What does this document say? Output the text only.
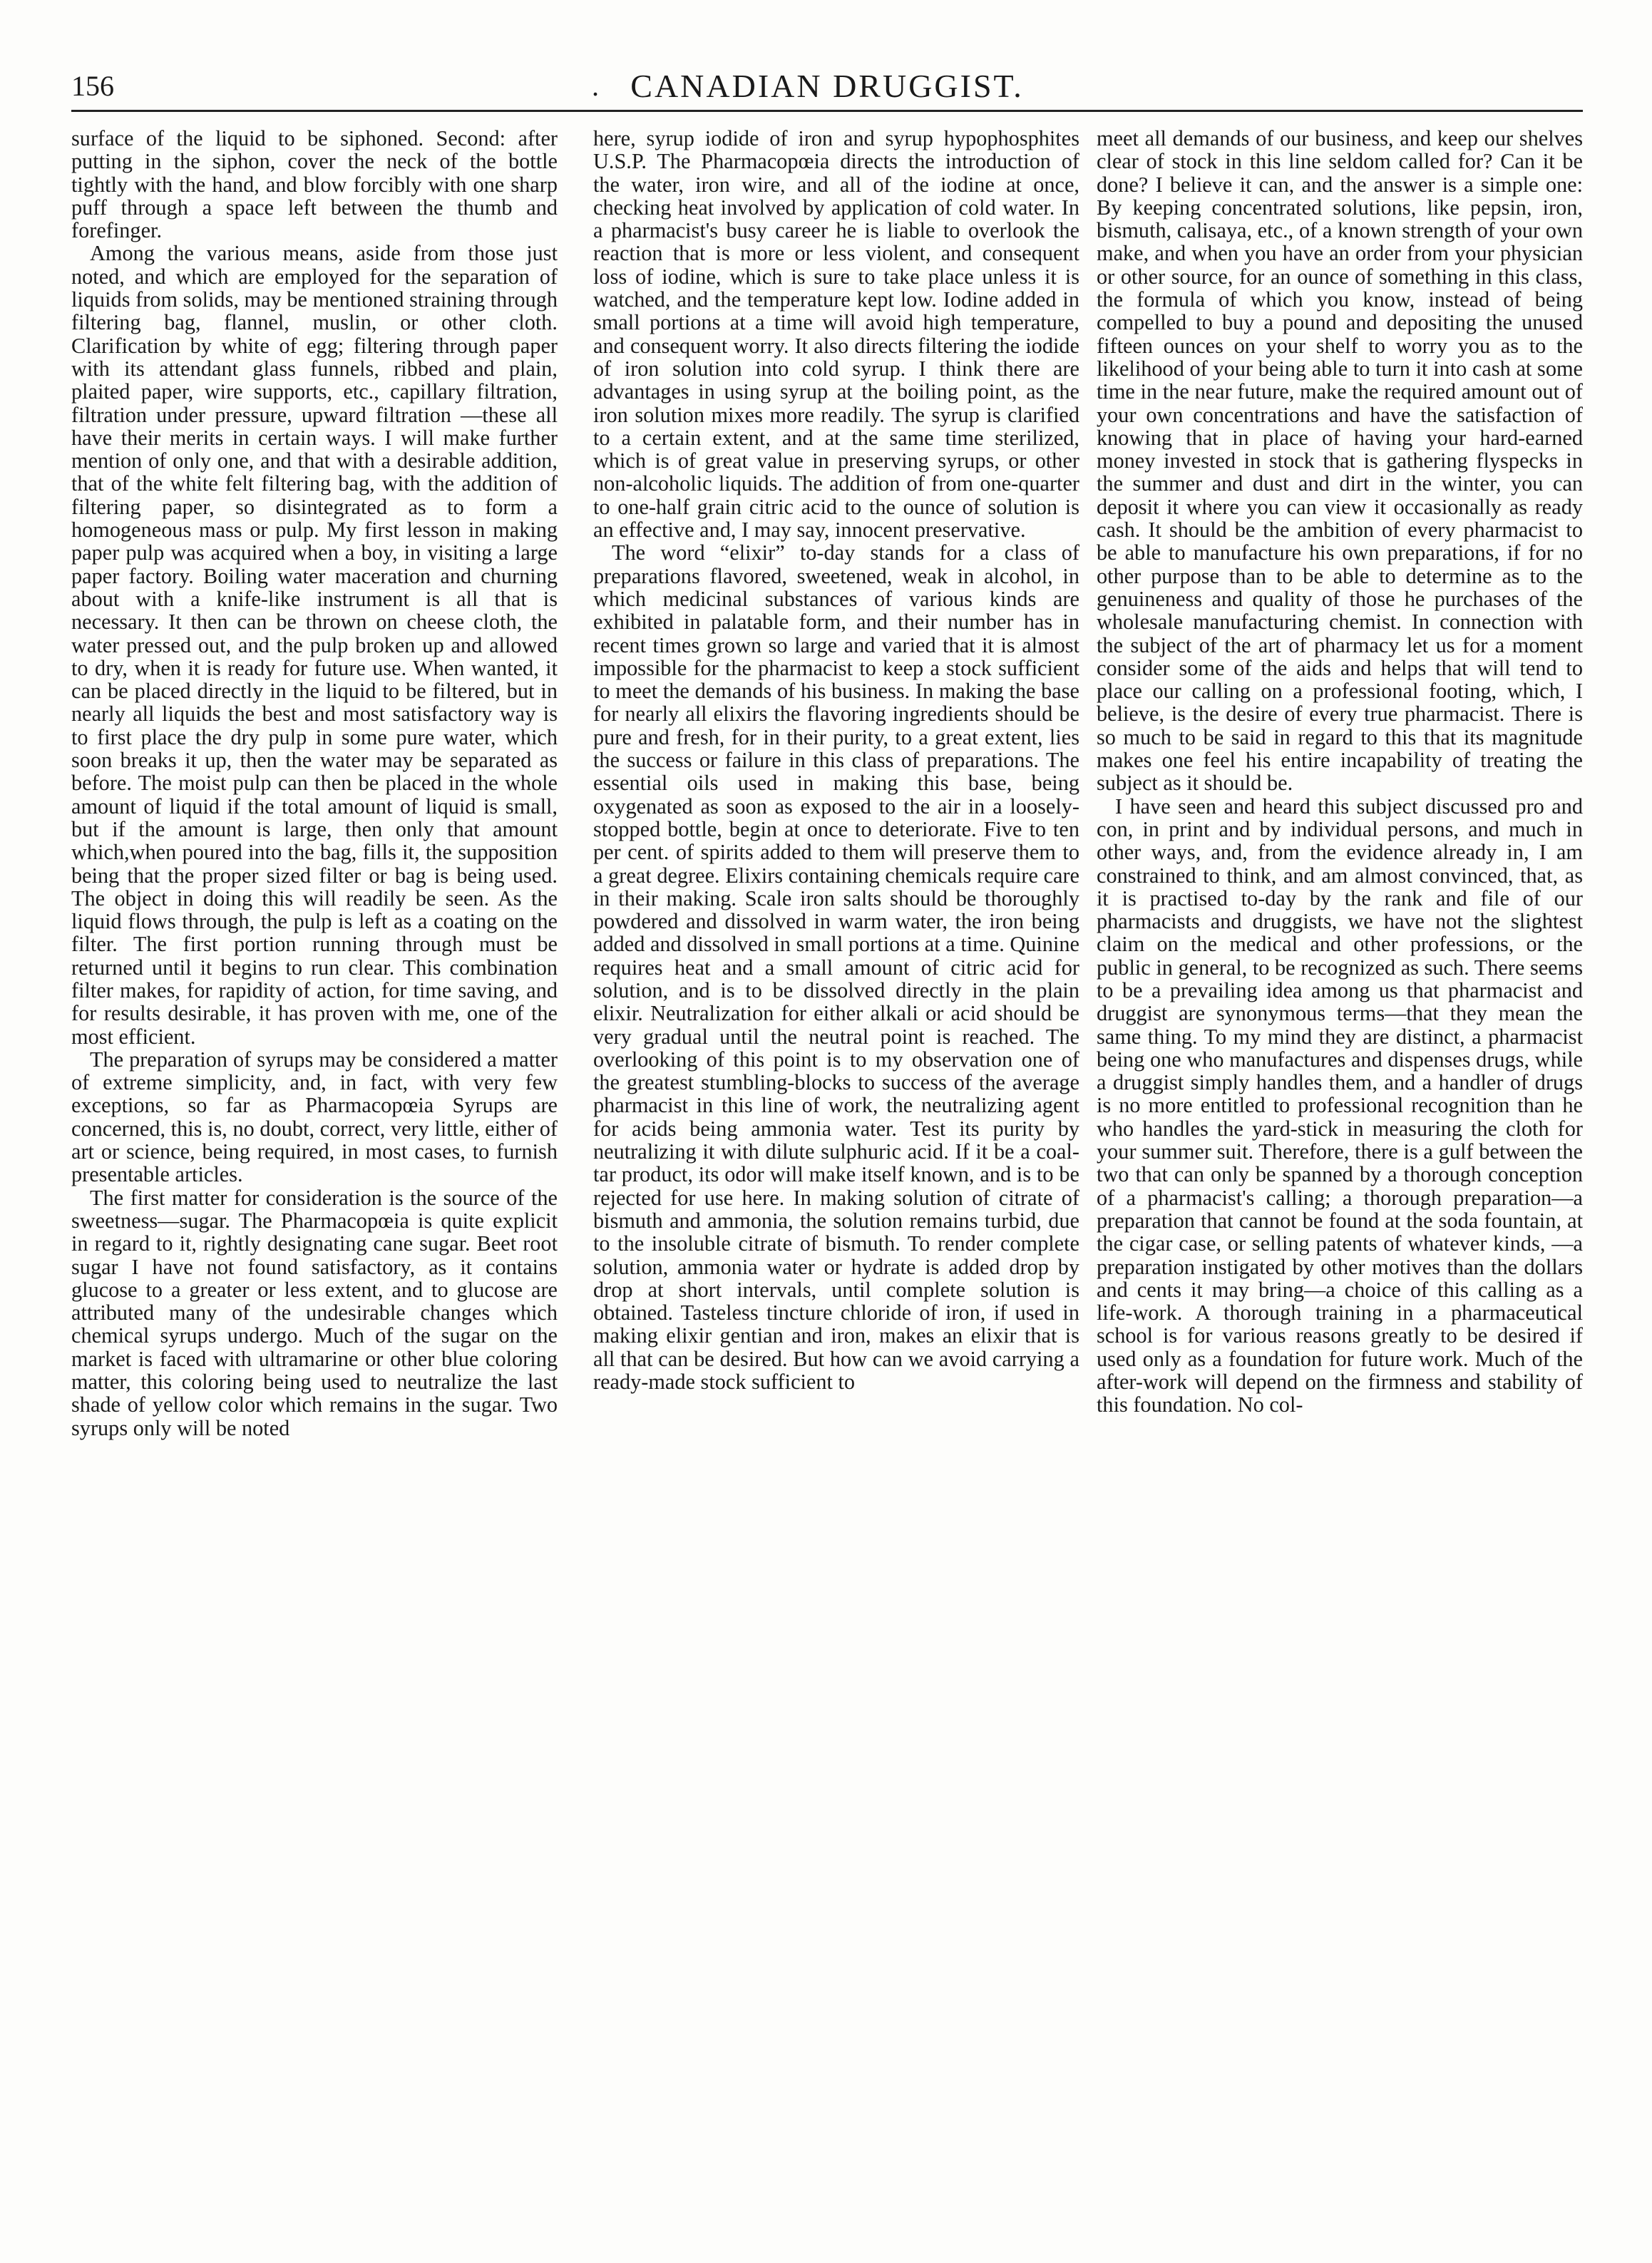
156	. CANADIAN DRUGGIST.

surface of the liquid to be siphoned. Second: after putting in the siphon, cover the neck of the bottle tightly with the hand, and blow forcibly with one sharp puff through a space left between the thumb and forefinger.

Among the various means, aside from those just noted, and which are employed for the separation of liquids from solids, may be mentioned straining through filtering bag, flannel, muslin, or other cloth. Clarification by white of egg; filtering through paper with its attendant glass funnels, ribbed and plain, plaited paper, wire supports, etc., capillary filtration, filtration under pressure, upward filtration —these all have their merits in certain ways. I will make further mention of only one, and that with a desirable addition, that of the white felt filtering bag, with the addition of filtering paper, so disintegrated as to form a homogeneous mass or pulp. My first lesson in making paper pulp was acquired when a boy, in visiting a large paper factory. Boiling water maceration and churning about with a knife-like instrument is all that is necessary. It then can be thrown on cheese cloth, the water pressed out, and the pulp broken up and allowed to dry, when it is ready for future use. When wanted, it can be placed directly in the liquid to be filtered, but in nearly all liquids the best and most satisfactory way is to first place the dry pulp in some pure water, which soon breaks it up, then the water may be separated as before. The moist pulp can then be placed in the whole amount of liquid if the total amount of liquid is small, but if the amount is large, then only that amount which,when poured into the bag, fills it, the supposition being that the proper sized filter or bag is being used. The object in doing this will readily be seen. As the liquid flows through, the pulp is left as a coating on the filter. The first portion running through must be returned until it begins to run clear. This combination filter makes, for rapidity of action, for time saving, and for results desirable, it has proven with me, one of the most efficient.

The preparation of syrups may be considered a matter of extreme simplicity, and, in fact, with very few exceptions, so far as Pharmacopœia Syrups are concerned, this is, no doubt, correct, very little, either of art or science, being required, in most cases, to furnish presentable articles.

The first matter for consideration is the source of the sweetness—sugar. The Pharmacopœia is quite explicit in regard to it, rightly designating cane sugar. Beet root sugar I have not found satisfactory, as it contains glucose to a greater or less extent, and to glucose are attributed many of the undesirable changes which chemical syrups undergo. Much of the sugar on the market is faced with ultramarine or other blue coloring matter, this coloring being used to neutralize the last shade of yellow color which remains in the sugar. Two syrups only will be noted

here, syrup iodide of iron and syrup hypophosphites U.S.P. The Pharmacopœia directs the introduction of the water, iron wire, and all of the iodine at once, checking heat involved by application of cold water. In a pharmacist's busy career he is liable to overlook the reaction that is more or less violent, and consequent loss of iodine, which is sure to take place unless it is watched, and the temperature kept low. Iodine added in small portions at a time will avoid high temperature, and consequent worry. It also directs filtering the iodide of iron solution into cold syrup. I think there are advantages in using syrup at the boiling point, as the iron solution mixes more readily. The syrup is clarified to a certain extent, and at the same time sterilized, which is of great value in preserving syrups, or other non-alcoholic liquids. The addition of from one-quarter to one-half grain citric acid to the ounce of solution is an effective and, I may say, innocent preservative.

The word “elixir” to-day stands for a class of preparations flavored, sweetened, weak in alcohol, in which medicinal substances of various kinds are exhibited in palatable form, and their number has in recent times grown so large and varied that it is almost impossible for the pharmacist to keep a stock sufficient to meet the demands of his business. In making the base for nearly all elixirs the flavoring ingredients should be pure and fresh, for in their purity, to a great extent, lies the success or failure in this class of preparations. The essential oils used in making this base, being oxygenated as soon as exposed to the air in a loosely-stopped bottle, begin at once to deteriorate. Five to ten per cent. of spirits added to them will preserve them to a great degree. Elixirs containing chemicals require care in their making. Scale iron salts should be thoroughly powdered and dissolved in warm water, the iron being added and dissolved in small portions at a time. Quinine requires heat and a small amount of citric acid for solution, and is to be dissolved directly in the plain elixir. Neutralization for either alkali or acid should be very gradual until the neutral point is reached. The overlooking of this point is to my observation one of the greatest stumbling-blocks to success of the average pharmacist in this line of work, the neutralizing agent for acids being ammonia water. Test its purity by neutralizing it with dilute sulphuric acid. If it be a coal-tar product, its odor will make itself known, and is to be rejected for use here. In making solution of citrate of bismuth and ammonia, the solution remains turbid, due to the insoluble citrate of bismuth. To render complete solution, ammonia water or hydrate is added drop by drop at short intervals, until complete solution is obtained. Tasteless tincture chloride of iron, if used in making elixir gentian and iron, makes an elixir that is all that can be desired. But how can we avoid carrying a ready-made stock sufficient to

meet all demands of our business, and keep our shelves clear of stock in this line seldom called for? Can it be done? I believe it can, and the answer is a simple one: By keeping concentrated solutions, like pepsin, iron, bismuth, calisaya, etc., of a known strength of your own make, and when you have an order from your physician or other source, for an ounce of something in this class, the formula of which you know, instead of being compelled to buy a pound and depositing the unused fifteen ounces on your shelf to worry you as to the likelihood of your being able to turn it into cash at some time in the near future, make the required amount out of your own concentrations and have the satisfaction of knowing that in place of having your hard-earned money invested in stock that is gathering flyspecks in the summer and dust and dirt in the winter, you can deposit it where you can view it occasionally as ready cash. It should be the ambition of every pharmacist to be able to manufacture his own preparations, if for no other purpose than to be able to determine as to the genuineness and quality of those he purchases of the wholesale manufacturing chemist. In connection with the subject of the art of pharmacy let us for a moment consider some of the aids and helps that will tend to place our calling on a professional footing, which, I believe, is the desire of every true pharmacist. There is so much to be said in regard to this that its magnitude makes one feel his entire incapability of treating the subject as it should be.

I have seen and heard this subject discussed pro and con, in print and by individual persons, and much in other ways, and, from the evidence already in, I am constrained to think, and am almost convinced, that, as it is practised to-day by the rank and file of our pharmacists and druggists, we have not the slightest claim on the medical and other professions, or the public in general, to be recognized as such. There seems to be a prevailing idea among us that pharmacist and druggist are synonymous terms—that they mean the same thing. To my mind they are distinct, a pharmacist being one who manufactures and dispenses drugs, while a druggist simply handles them, and a handler of drugs is no more entitled to professional recognition than he who handles the yard-stick in measuring the cloth for your summer suit. Therefore, there is a gulf between the two that can only be spanned by a thorough conception of a pharmacist's calling; a thorough preparation—a preparation that cannot be found at the soda fountain, at the cigar case, or selling patents of whatever kinds, —a preparation instigated by other motives than the dollars and cents it may bring—a choice of this calling as a life-work. A thorough training in a pharmaceutical school is for various reasons greatly to be desired if used only as a foundation for future work. Much of the after-work will depend on the firmness and stability of this foundation. No col-
